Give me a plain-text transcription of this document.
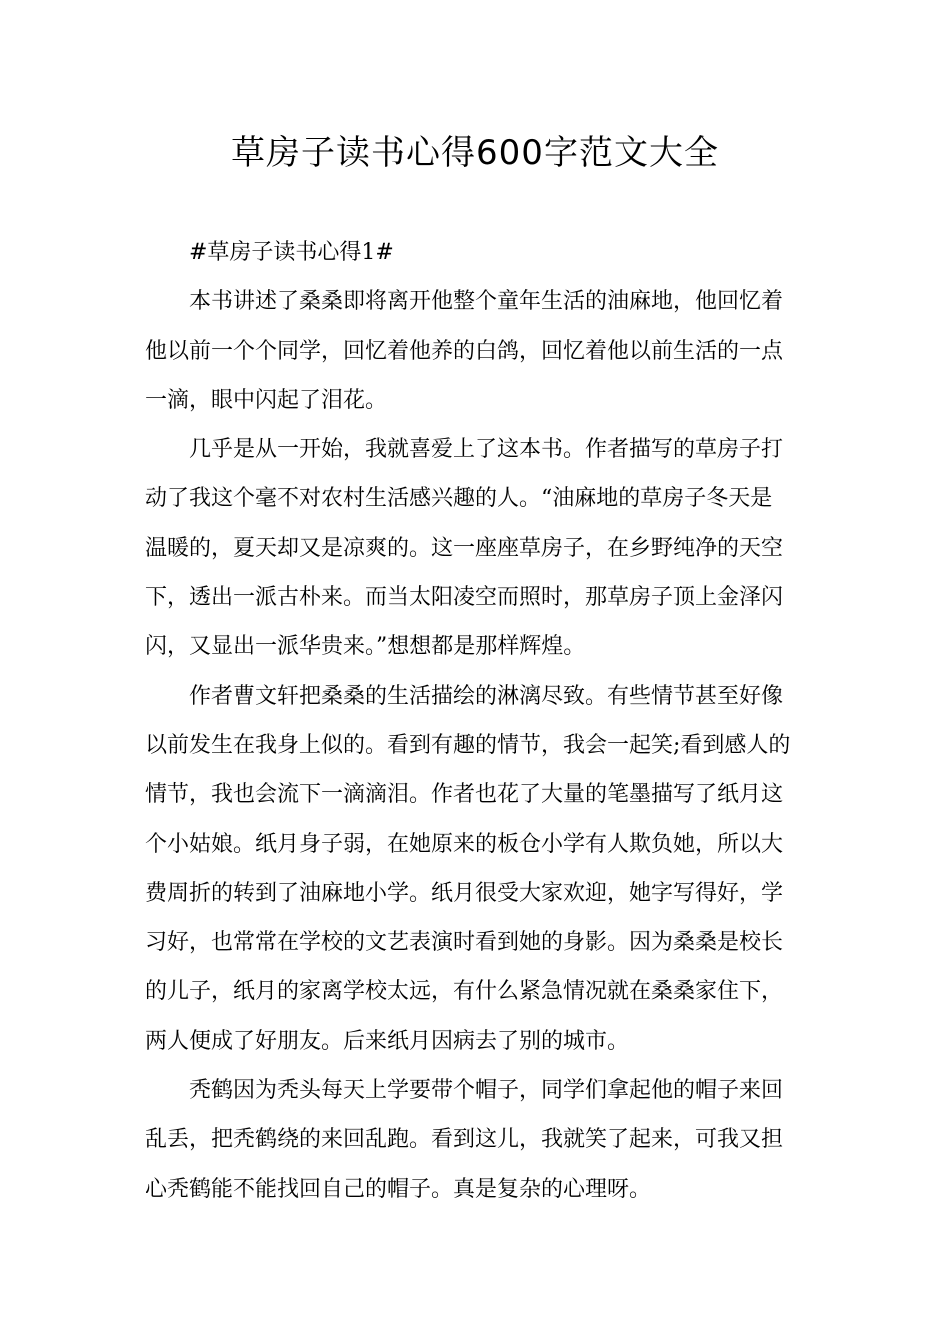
草房子读书心得600字范文大全

#草房子读书心得1#

本书讲述了桑桑即将离开他整个童年生活的油麻地，他回忆着
他以前一个个同学，回忆着他养的白鸽，回忆着他以前生活的一点
一滴，眼中闪起了泪花。

几乎是从一开始，我就喜爱上了这本书。作者描写的草房子打
动了我这个毫不对农村生活感兴趣的人。“油麻地的草房子冬天是
温暖的，夏天却又是凉爽的。这一座座草房子，在乡野纯净的天空
下，透出一派古朴来。而当太阳凌空而照时，那草房子顶上金泽闪
闪，又显出一派华贵来。”想想都是那样辉煌。

作者曹文轩把桑桑的生活描绘的淋漓尽致。有些情节甚至好像
以前发生在我身上似的。看到有趣的情节，我会一起笑;看到感人的
情节，我也会流下一滴滴泪。作者也花了大量的笔墨描写了纸月这
个小姑娘。纸月身子弱，在她原来的板仓小学有人欺负她，所以大
费周折的转到了油麻地小学。纸月很受大家欢迎，她字写得好，学
习好，也常常在学校的文艺表演时看到她的身影。因为桑桑是校长
的儿子，纸月的家离学校太远，有什么紧急情况就在桑桑家住下，
两人便成了好朋友。后来纸月因病去了别的城市。

秃鹤因为秃头每天上学要带个帽子，同学们拿起他的帽子来回
乱丢，把秃鹤绕的来回乱跑。看到这儿，我就笑了起来，可我又担
心秃鹤能不能找回自己的帽子。真是复杂的心理呀。
